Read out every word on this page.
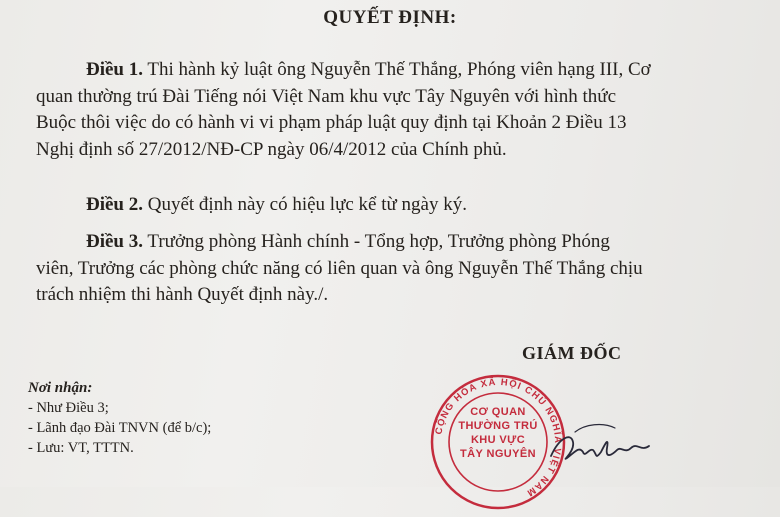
QUYẾT ĐỊNH:
Điều 1. Thi hành kỷ luật ông Nguyễn Thế Thắng, Phóng viên hạng III, Cơ
quan thường trú Đài Tiếng nói Việt Nam khu vực Tây Nguyên với hình thức
Buộc thôi việc do có hành vi vi phạm pháp luật quy định tại Khoản 2 Điều 13
Nghị định số 27/2012/NĐ-CP ngày 06/4/2012 của Chính phủ.
Điều 2. Quyết định này có hiệu lực kể từ ngày ký.
Điều 3. Trưởng phòng Hành chính - Tổng hợp, Trưởng phòng Phóng
viên, Trưởng các phòng chức năng có liên quan và ông Nguyễn Thế Thắng chịu
trách nhiệm thi hành Quyết định này./.
GIÁM ĐỐC
Nơi nhận:
- Như Điều 3;
- Lãnh đạo Đài TNVN (để b/c);
- Lưu: VT, TTTN.
CỘNG HÒA XÃ HỘI CHỦ NGHĨA VIỆT NAM
CƠ QUAN
THƯỜNG TRÚ
KHU VỰC
TÂY NGUYÊN
